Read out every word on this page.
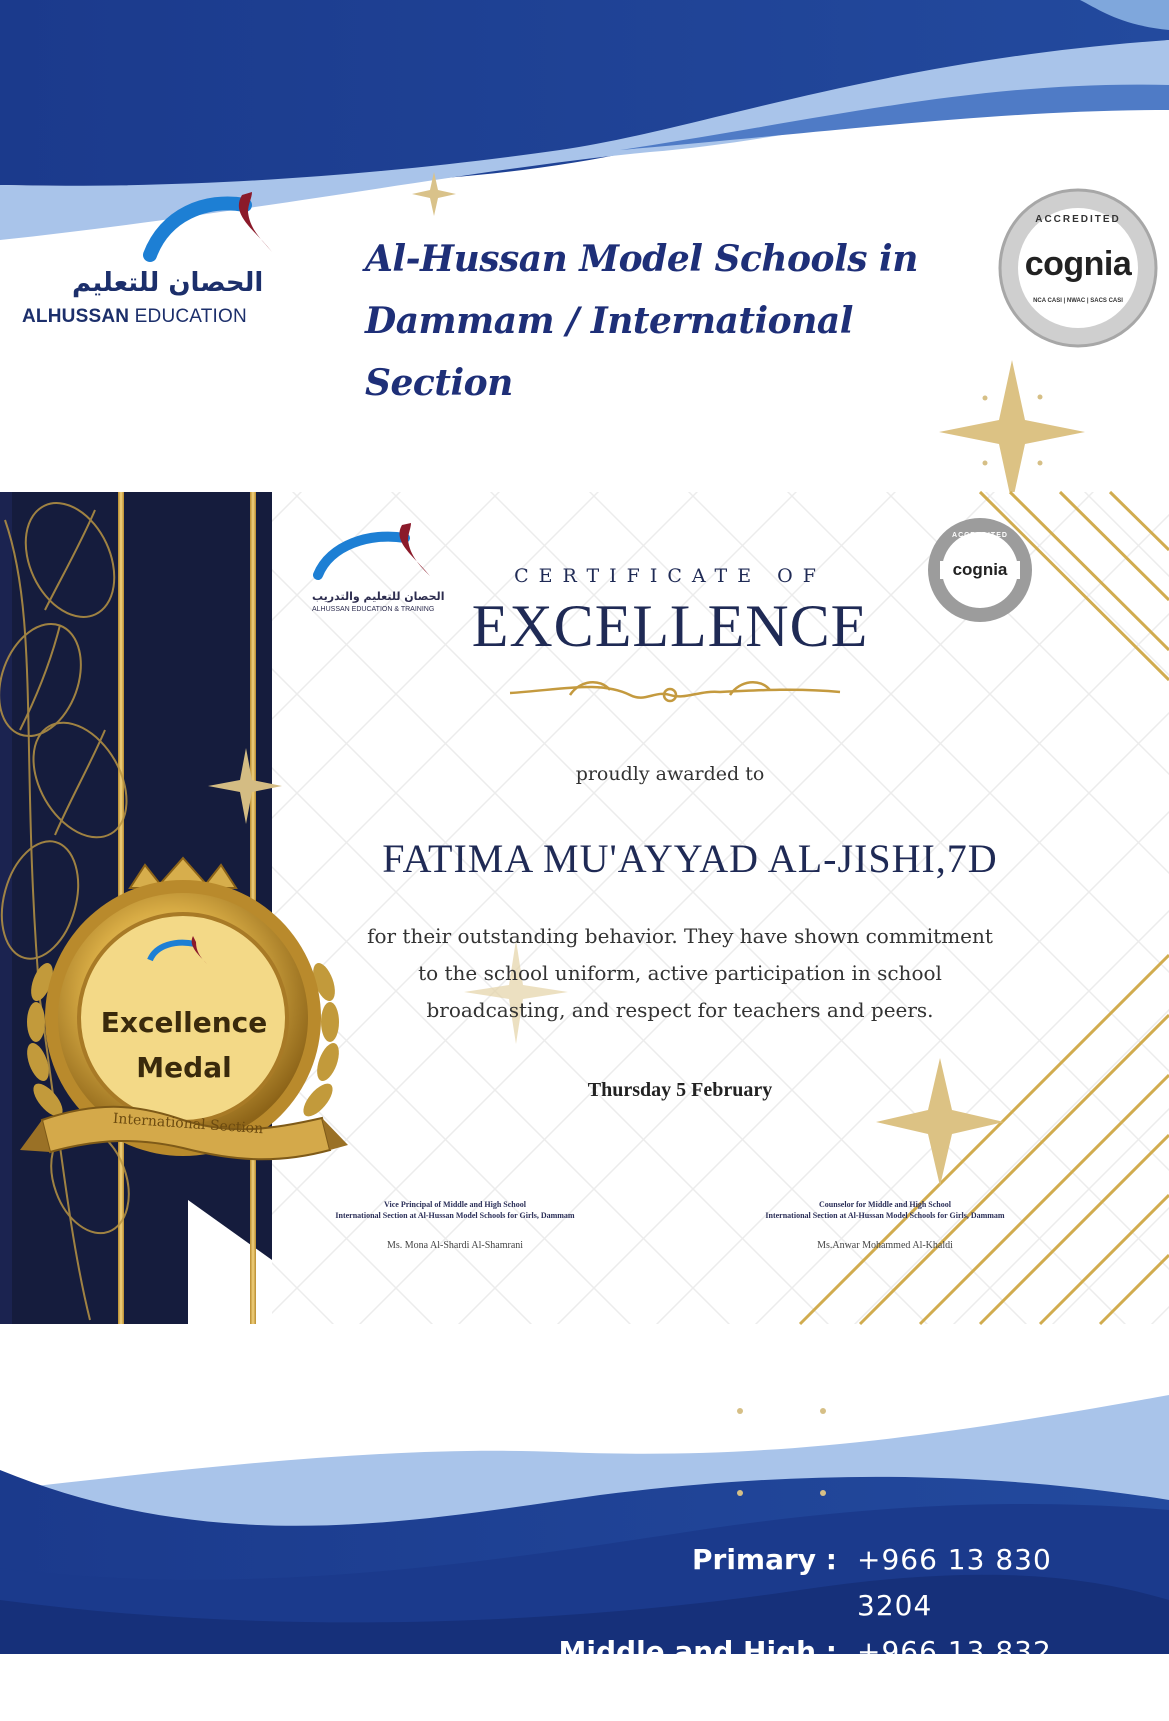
الحصان للتعليم
ALHUSSAN EDUCATION
Al-Hussan Model Schools in
Dammam / International Section
cognia
ACCREDITED
NCA CASI | NWAC | SACS CASI
الحصان للتعليم والتدريب
ALHUSSAN EDUCATION & TRAINING
cognia
ACCREDITED
CERTIFICATE OF
EXCELLENCE
proudly awarded to
FATIMA MU'AYYAD AL-JISHI,7D
for their outstanding behavior. They have shown commitment to the school uniform, active participation in school broadcasting, and respect for teachers and peers.
Thursday 5 February
Excellence
Medal
International Section
Vice Principal of Middle and High School
International Section at Al-Hussan Model Schools for Girls, Dammam
Ms. Mona Al-Shardi Al-Shamrani
Counselor for Middle and High School
International Section at Al-Hussan Model Schools for Girls, Dammam
Ms.Anwar Mohammed Al-Khaldi
Primary : +966 13 830 3204
Middle and High : +966 13 832 0600
